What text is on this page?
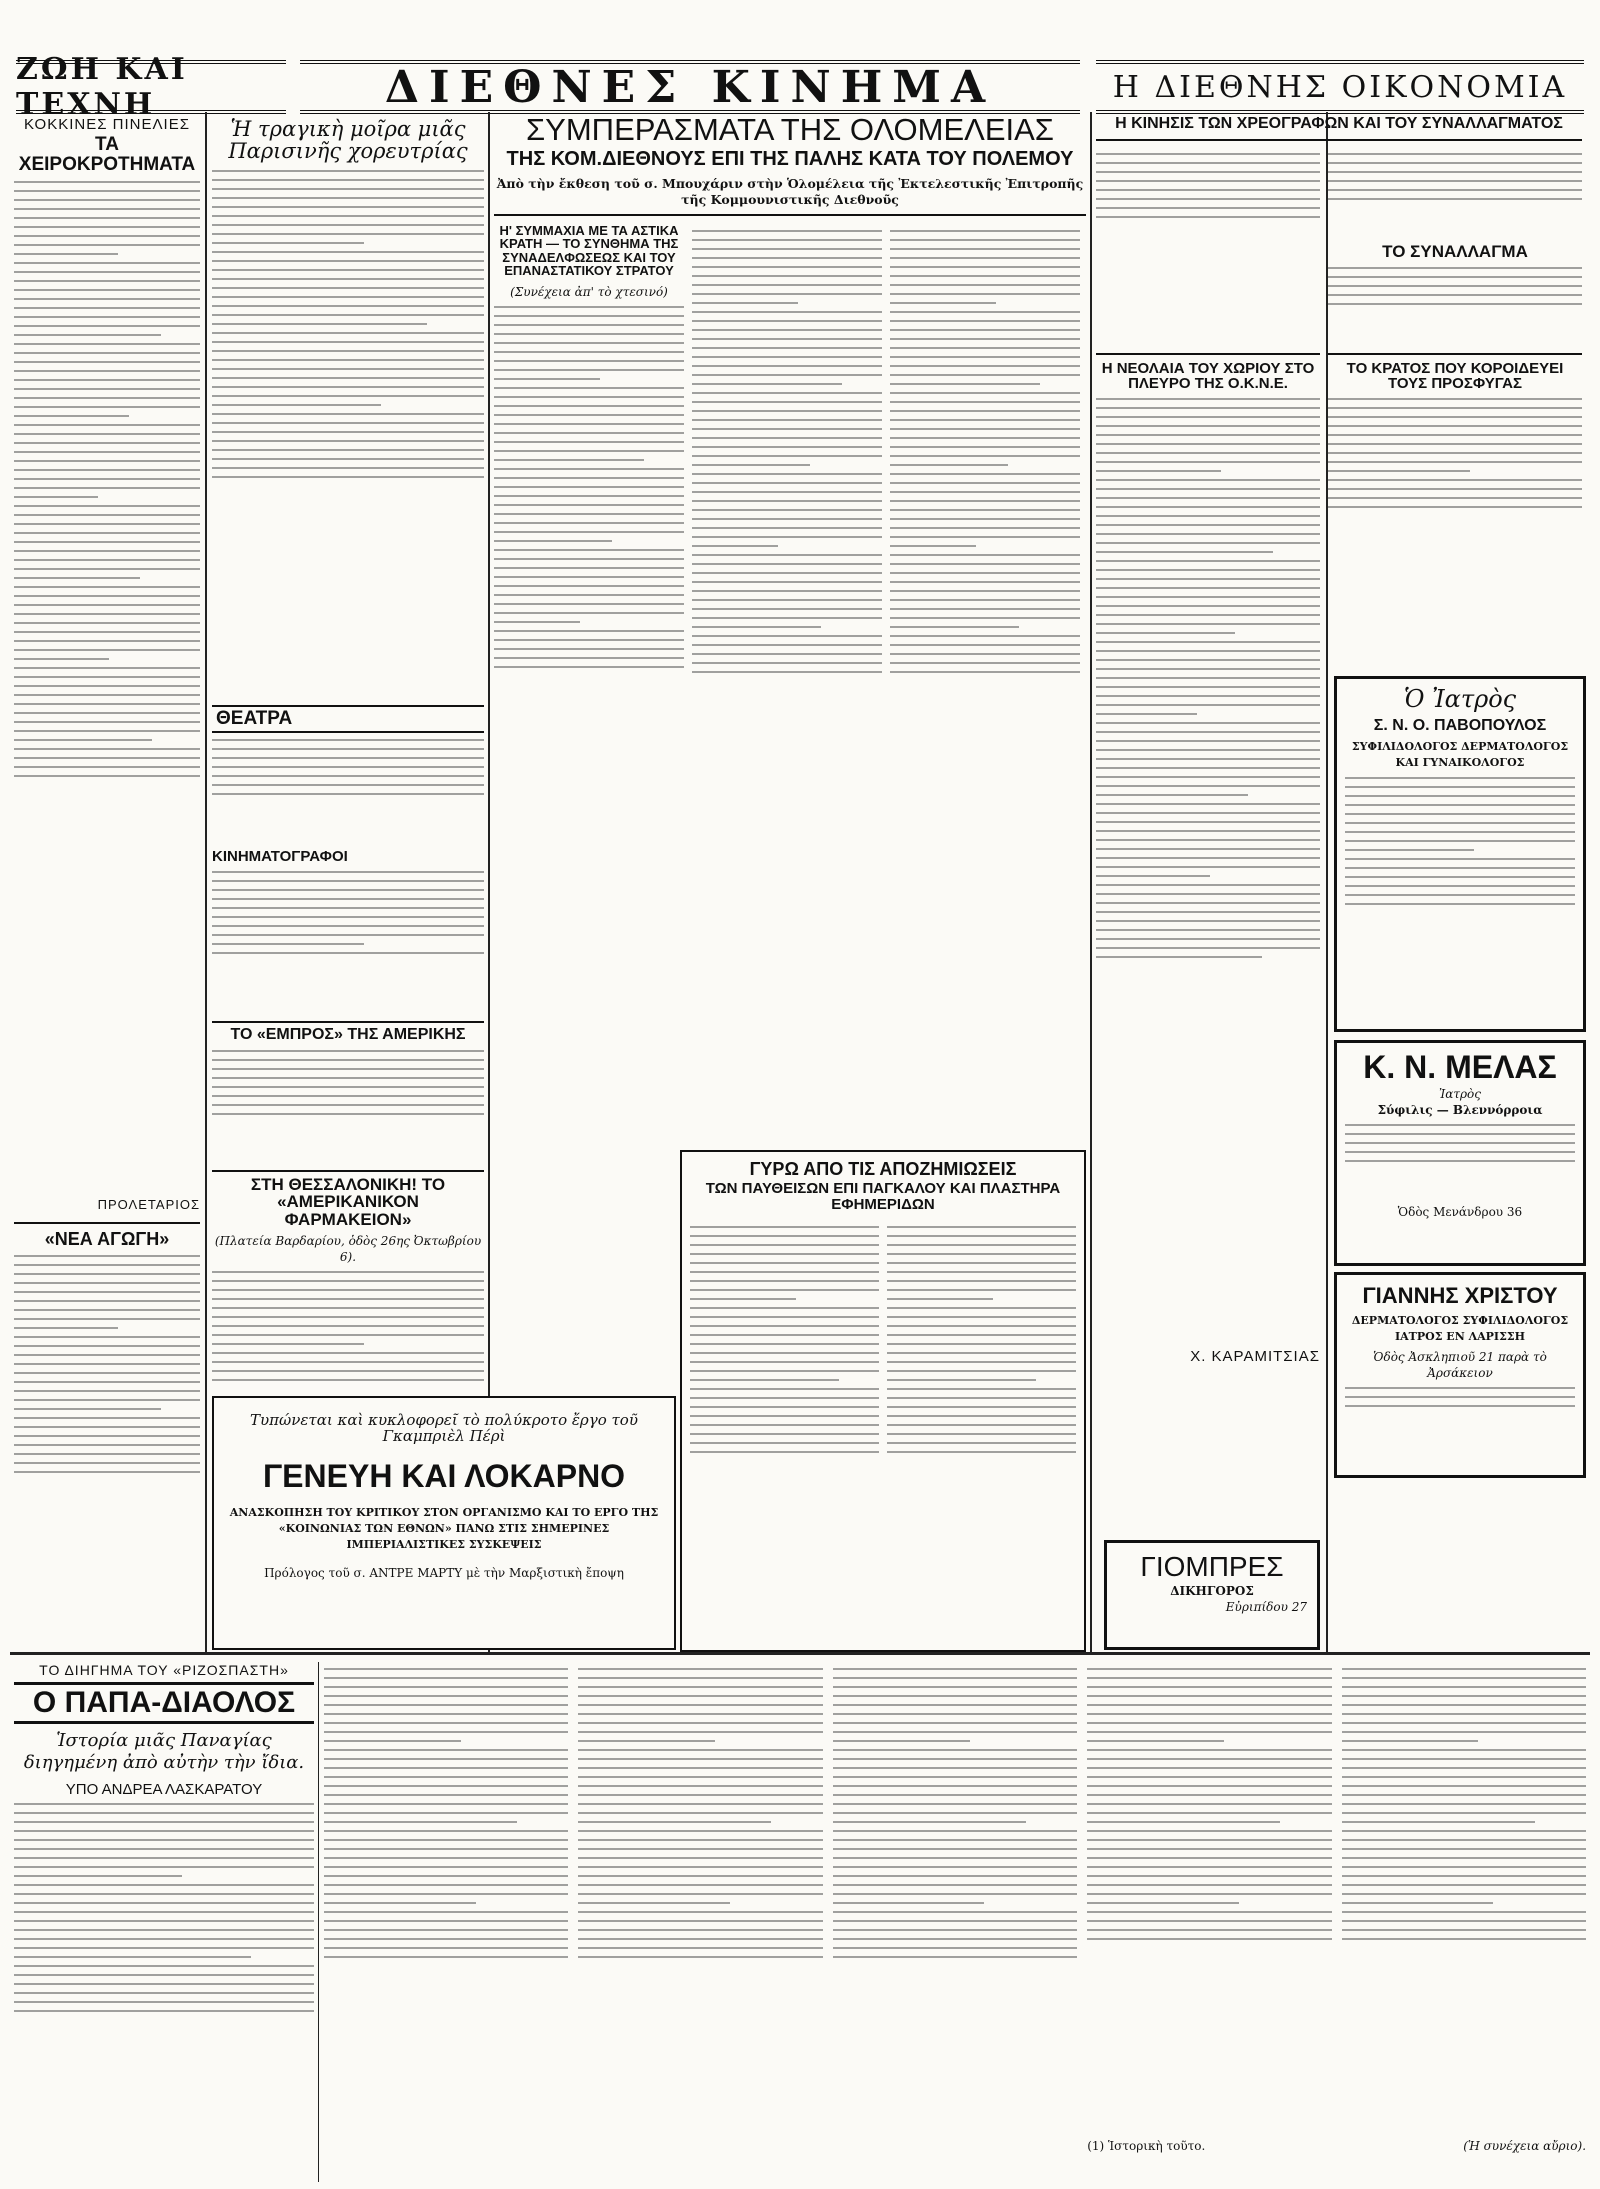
ΖΩΗ ΚΑΙ ΤΕΧΝΗ	ΔΙΕΘΝΕΣ ΚΙΝΗΜΑ	Η ΔΙΕΘΝΗΣ ΟΙΚΟΝΟΜΙΑ
ΚΟΚΚΙΝΕΣ ΠΙΝΕΛΙΕΣ
ΤΑ ΧΕΙΡΟΚΡΟΤΗΜΑΤΑ
ΠΡΟΛΕΤΑΡΙΟΣ
«ΝΕΑ ΑΓΩΓΗ»
Ἡ τραγικὴ μοῖρα μιᾶς Παρισινῆς χορευτρίας
ΘΕΑΤΡΑ
ΚΙΝΗΜΑΤΟΓΡΑΦΟΙ
ΤΟ «ΕΜΠΡΟΣ» ΤΗΣ ΑΜΕΡΙΚΗΣ
ΣΤΗ ΘΕΣΣΑΛΟΝΙΚΗ! ΤΟ «ΑΜΕΡΙΚΑΝΙΚΟΝ ΦΑΡΜΑΚΕΙΟΝ»
(Πλατεία Βαρδαρίου, ὁδὸς 26ης Ὀκτωβρίου 6).
ΣΥΜΠΕΡΑΣΜΑΤΑ ΤΗΣ ΟΛΟΜΕΛΕΙΑΣ
ΤΗΣ ΚΟΜ.ΔΙΕΘΝΟΥΣ ΕΠΙ ΤΗΣ ΠΑΛΗΣ ΚΑΤΑ ΤΟΥ ΠΟΛΕΜΟΥ
Ἀπὸ τὴν ἔκθεση τοῦ σ. Μπουχάριν στὴν Ὁλομέλεια τῆς Ἐκτελεστικῆς Ἐπιτροπῆς τῆς Κομμουνιστικῆς Διεθνοῦς
Η' ΣΥΜΜΑΧΙΑ ΜΕ ΤΑ ΑΣΤΙΚΑ ΚΡΑΤΗ — ΤΟ ΣΥΝΘΗΜΑ ΤΗΣ ΣΥΝΑΔΕΛΦΩΣΕΩΣ ΚΑΙ ΤΟΥ ΕΠΑΝΑΣΤΑΤΙΚΟΥ ΣΤΡΑΤΟΥ
(Συνέχεια ἀπ' τὸ χτεσινό)
ΓΥΡΩ ΑΠΟ ΤΙΣ ΑΠΟΖΗΜΙΩΣΕΙΣ
ΤΩΝ ΠΑΥΘΕΙΣΩΝ ΕΠΙ ΠΑΓΚΑΛΟΥ ΚΑΙ ΠΛΑΣΤΗΡΑ ΕΦΗΜΕΡΙΔΩΝ
Τυπώνεται καὶ κυκλοφορεῖ τὸ πολύκροτο ἔργο τοῦ Γκαμπριὲλ Πέρὶ
ΓΕΝΕΥΗ ΚΑΙ ΛΟΚΑΡΝΟ
ΑΝΑΣΚΟΠΗΣΗ ΤΟΥ ΚΡΙΤΙΚΟΥ ΣΤΟΝ ΟΡΓΑΝΙΣΜΟ ΚΑΙ ΤΟ ΕΡΓΟ ΤΗΣ «ΚΟΙΝΩΝΙΑΣ ΤΩΝ ΕΘΝΩΝ» ΠΑΝΩ ΣΤΙΣ ΣΗΜΕΡΙΝΕΣ ΙΜΠΕΡΙΑΛΙΣΤΙΚΕΣ ΣΥΣΚΕΨΕΙΣ
Πρόλογος τοῦ σ. ΑΝΤΡΕ ΜΑΡΤΥ μὲ τὴν Μαρξιστικὴ ἔποψη
Η ΚΙΝΗΣΙΣ ΤΩΝ ΧΡΕΟΓΡΑΦΩΝ ΚΑΙ ΤΟΥ ΣΥΝΑΛΛΑΓΜΑΤΟΣ
ΤΟ ΣΥΝΑΛΛΑΓΜΑ
Η ΝΕΟΛΑΙΑ ΤΟΥ ΧΩΡΙΟΥ ΣΤΟ ΠΛΕΥΡΟ ΤΗΣ Ο.Κ.Ν.Ε.
Χ. ΚΑΡΑΜΙΤΣΙΑΣ
ΤΟ ΚΡΑΤΟΣ ΠΟΥ ΚΟΡΟΙΔΕΥΕΙ ΤΟΥΣ ΠΡΟΣΦΥΓΑΣ
Ὁ Ἰατρὸς
Σ. Ν. Ο. ΠΑΒΟΠΟΥΛΟΣ
ΣΥΦΙΛΙΔΟΛΟΓΟΣ ΔΕΡΜΑΤΟΛΟΓΟΣ ΚΑΙ ΓΥΝΑΙΚΟΛΟΓΟΣ
Κ. Ν. ΜΕΛΑΣ
Ἰατρὸς
Σύφιλις — Βλεννόρροια
Ὁδὸς Μενάνδρου 36
ΓΙΑΝΝΗΣ ΧΡΙΣΤΟΥ
ΔΕΡΜΑΤΟΛΟΓΟΣ ΣΥΦΙΛΙΔΟΛΟΓΟΣ ΙΑΤΡΟΣ ΕΝ ΛΑΡΙΣΣΗ
Ὁδὸς Ἀσκληπιοῦ 21 παρὰ τὸ Ἀρσάκειον
ΓΙΟΜΠΡΕΣ
ΔΙΚΗΓΟΡΟΣ
Εὐριπίδου 27
ΤΟ ΔΙΗΓΗΜΑ ΤΟΥ «ΡΙΖΟΣΠΑΣΤΗ»
Ο ΠΑΠΑ-ΔΙΑΟΛΟΣ
Ἱστορία μιᾶς Παναγίας διηγημένη ἀπὸ αὐτὴν τὴν ἴδια.
ΥΠΟ ΑΝΔΡΕΑ ΛΑΣΚΑΡΑΤΟΥ
(1) Ἱστορικὴ τοῦτο.	(Ἡ συνέχεια αὔριο).
